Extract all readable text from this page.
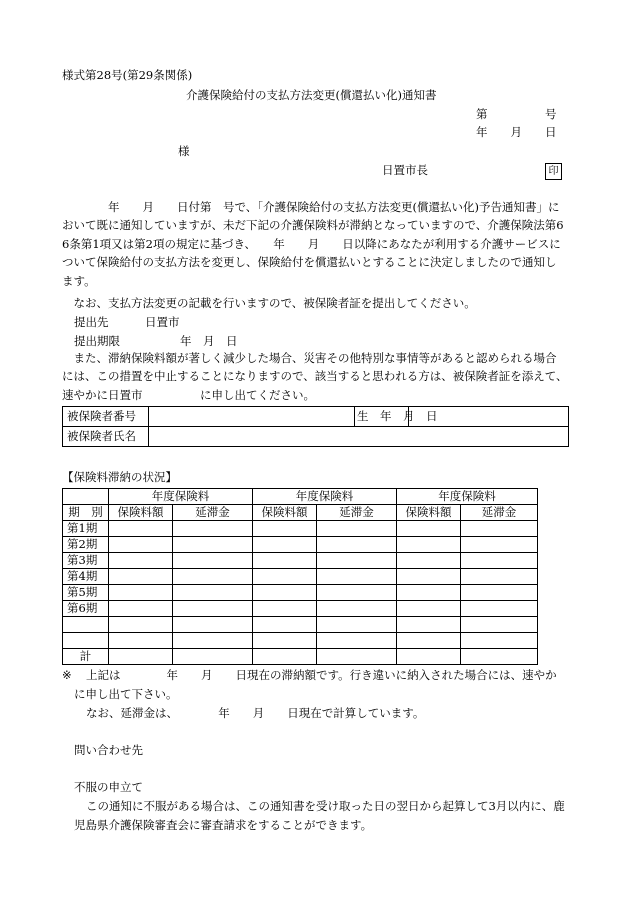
様式第28号(第29条関係)
介護保険給付の支払方法変更(償還払い化)通知書
第　　　　　号
年　　月　　日
様
日置市長	印

　　　　年　　月　　日付第　号で、「介護保険給付の支払方法変更(償還払い化)予告通知書」に

おいて既に通知していますが、未だ下記の介護保険料が滞納となっていますので、介護保険法第6

6条第1項又は第2項の規定に基づき、　　年　　月　　日以降にあなたが利用する介護サービスに

ついて保険給付の支払方法を変更し、保険給付を償還払いとすることに決定しましたので通知し

ます。

　なお、支払方法変更の記載を行いますので、被保険者証を提出してください。

提出先	日置市
提出期限	年　月　日

　また、滞納保険料額が著しく減少した場合、災害その他特別な事情等があると認められる場合

には、この措置を中止することになりますので、該当すると思われる方は、被保険者証を添えて、

速やかに日置市　　　　　に申し出てください。

被保険者番号		生　年　月　日	
被保険者氏名			
【保険料滞納の状況】
	年度保険料		年度保険料		年度保険料	
期　別	保険料額	延滞金	保険料額	延滞金	保険料額	延滞金
第1期						
第2期						
第3期						
第4期						
第5期						
第6期						

計						
※ 上記は　　　　年　　月　　日現在の滞納額です。行き違いに納入された場合には、速やか
に申し出て下さい。
なお、延滞金は、　　　　年　　月　　日現在で計算しています。
問い合わせ先
不服の申立て
この通知に不服がある場合は、この通知書を受け取った日の翌日から起算して3月以内に、鹿
児島県介護保険審査会に審査請求をすることができます。
